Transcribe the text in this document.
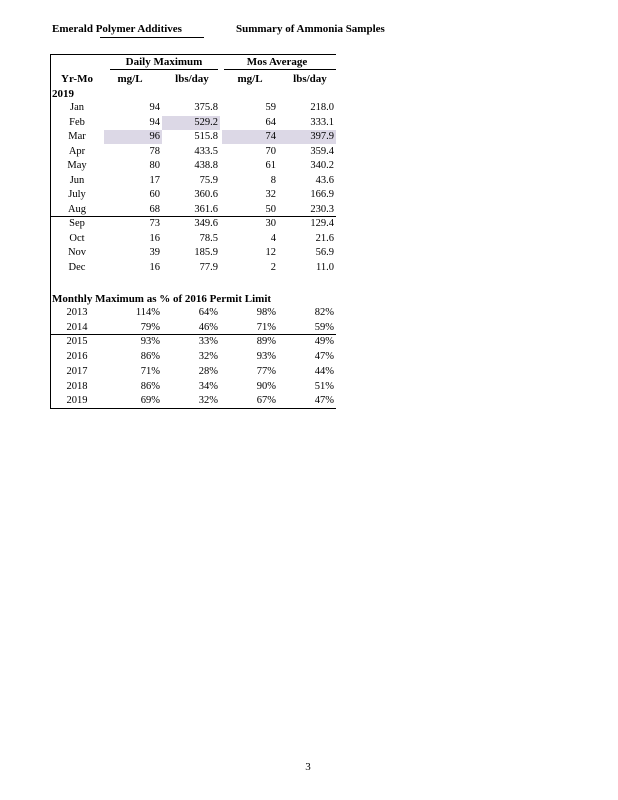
Emerald Polymer Additives	Summary of Ammonia Samples
Daily Maximum	Mos Average
Yr-Mo	mg/L	lbs/day	mg/L	lbs/day
2019
Jan	94	375.8	59	218.0
Feb	94	529.2	64	333.1
Mar	96	515.8	74	397.9
Apr	78	433.5	70	359.4
May	80	438.8	61	340.2
Jun	17	75.9	8	43.6
July	60	360.6	32	166.9
Aug	68	361.6	50	230.3
Sep	73	349.6	30	129.4
Oct	16	78.5	4	21.6
Nov	39	185.9	12	56.9
Dec	16	77.9	2	11.0
Monthly Maximum as % of 2016 Permit Limit
2013	114%	64%	98%	82%
2014	79%	46%	71%	59%
2015	93%	33%	89%	49%
2016	86%	32%	93%	47%
2017	71%	28%	77%	44%
2018	86%	34%	90%	51%
2019	69%	32%	67%	47%
3
